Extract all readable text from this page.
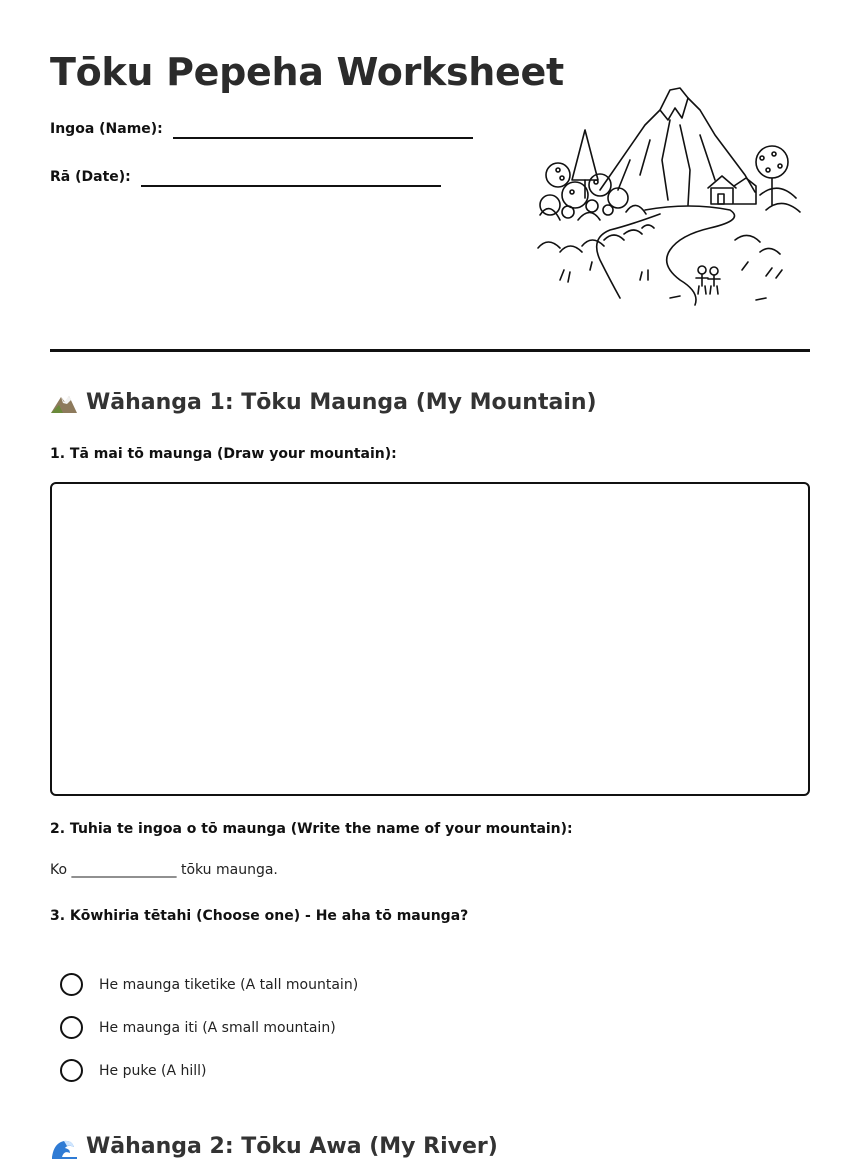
Tōku Pepeha Worksheet
Ingoa (Name):
Rā (Date):
Wāhanga 1: Tōku Maunga (My Mountain)
1. Tā mai tō maunga (Draw your mountain):
2. Tuhia te ingoa o tō maunga (Write the name of your mountain):
Ko _______________ tōku maunga.
3. Kōwhiria tētahi (Choose one) - He aha tō maunga?
He maunga tiketike (A tall mountain)
He maunga iti (A small mountain)
He puke (A hill)
Wāhanga 2: Tōku Awa (My River)
